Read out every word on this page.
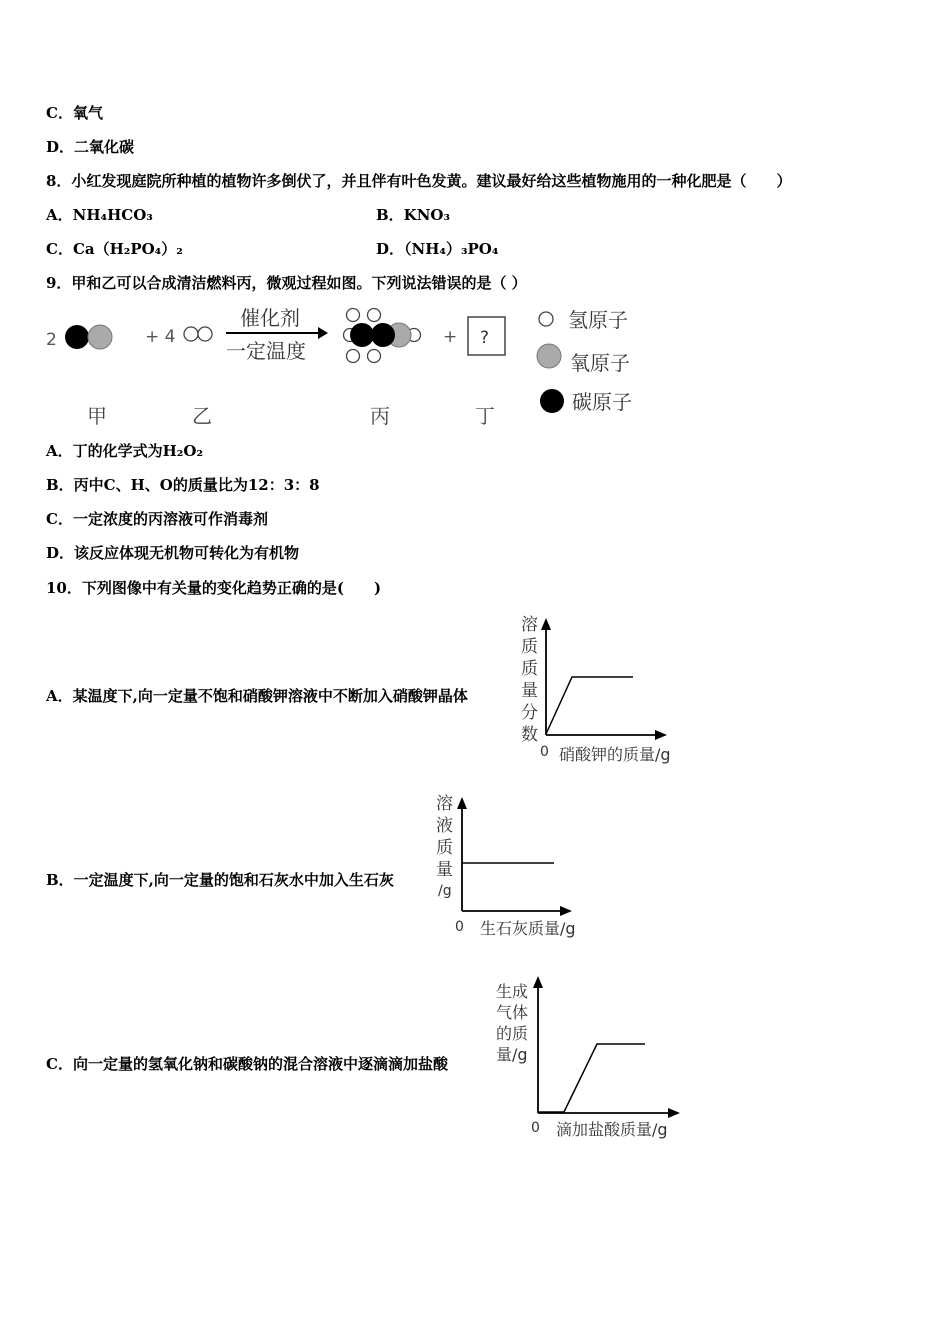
C．氧气
D．二氧化碳
8．小红发现庭院所种植的植物许多倒伏了，并且伴有叶色发黄。建议最好给这些植物施用的一种化肥是（　　）
A．NH₄HCO₃	B．KNO₃
C．Ca（H₂PO₄）₂	D．（NH₄）₃PO₄
9．甲和乙可以合成清洁燃料丙，微观过程如图。下列说法错误的是（ ）
2	+ 4
催化剂
一定温度
+ ?
甲	乙	丙	丁
氢原子
氧原子
碳原子
A．丁的化学式为H₂O₂
B．丙中C、H、O的质量比为12：3：8
C．一定浓度的丙溶液可作消毒剂
D．该反应体现无机物可转化为有机物
10．下列图像中有关量的变化趋势正确的是(　　)
A．某温度下,向一定量不饱和硝酸钾溶液中不断加入硝酸钾晶体
溶
质
质
量
分
数
0 硝酸钾的质量/g
B．一定温度下,向一定量的饱和石灰水中加入生石灰
溶
液
质
量
/g
0 生石灰质量/g
C．向一定量的氢氧化钠和碳酸钠的混合溶液中逐滴滴加盐酸
生成
气体
的质
量/g
0 滴加盐酸质量/g
